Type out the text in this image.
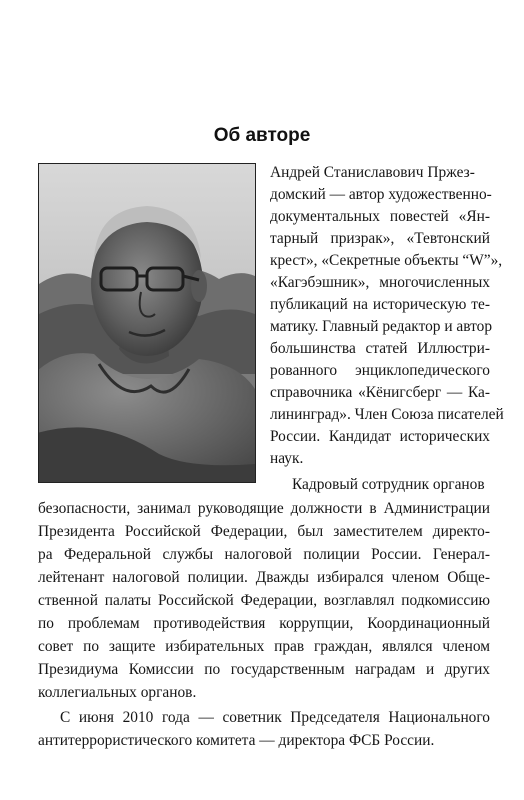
Об авторе
Андрей Станиславович Пржез-
домский — автор художественно-
документальных повестей «Ян-
тарный призрак», «Тевтонский
крест», «Секретные объекты “W”»,
«Кагэбэшник», многочисленных
публикаций на историческую те-
матику. Главный редактор и автор
большинства статей Иллюстри-
рованного энциклопедического
справочника «Кёнигсберг — Ка-
лининград». Член Союза писателей
России. Кандидат исторических
наук.
Кадровый сотрудник органов
безопасности, занимал руководящие должности в Администрации
Президента Российской Федерации, был заместителем директо-
ра Федеральной службы налоговой полиции России. Генерал-
лейтенант налоговой полиции. Дважды избирался членом Обще-
ственной палаты Российской Федерации, возглавлял подкомиссию
по проблемам противодействия коррупции, Координационный
совет по защите избирательных прав граждан, являлся членом
Президиума Комиссии по государственным наградам и других
коллегиальных органов.
С июня 2010 года — советник Председателя Национального
антитеррористического комитета — директора ФСБ России.
